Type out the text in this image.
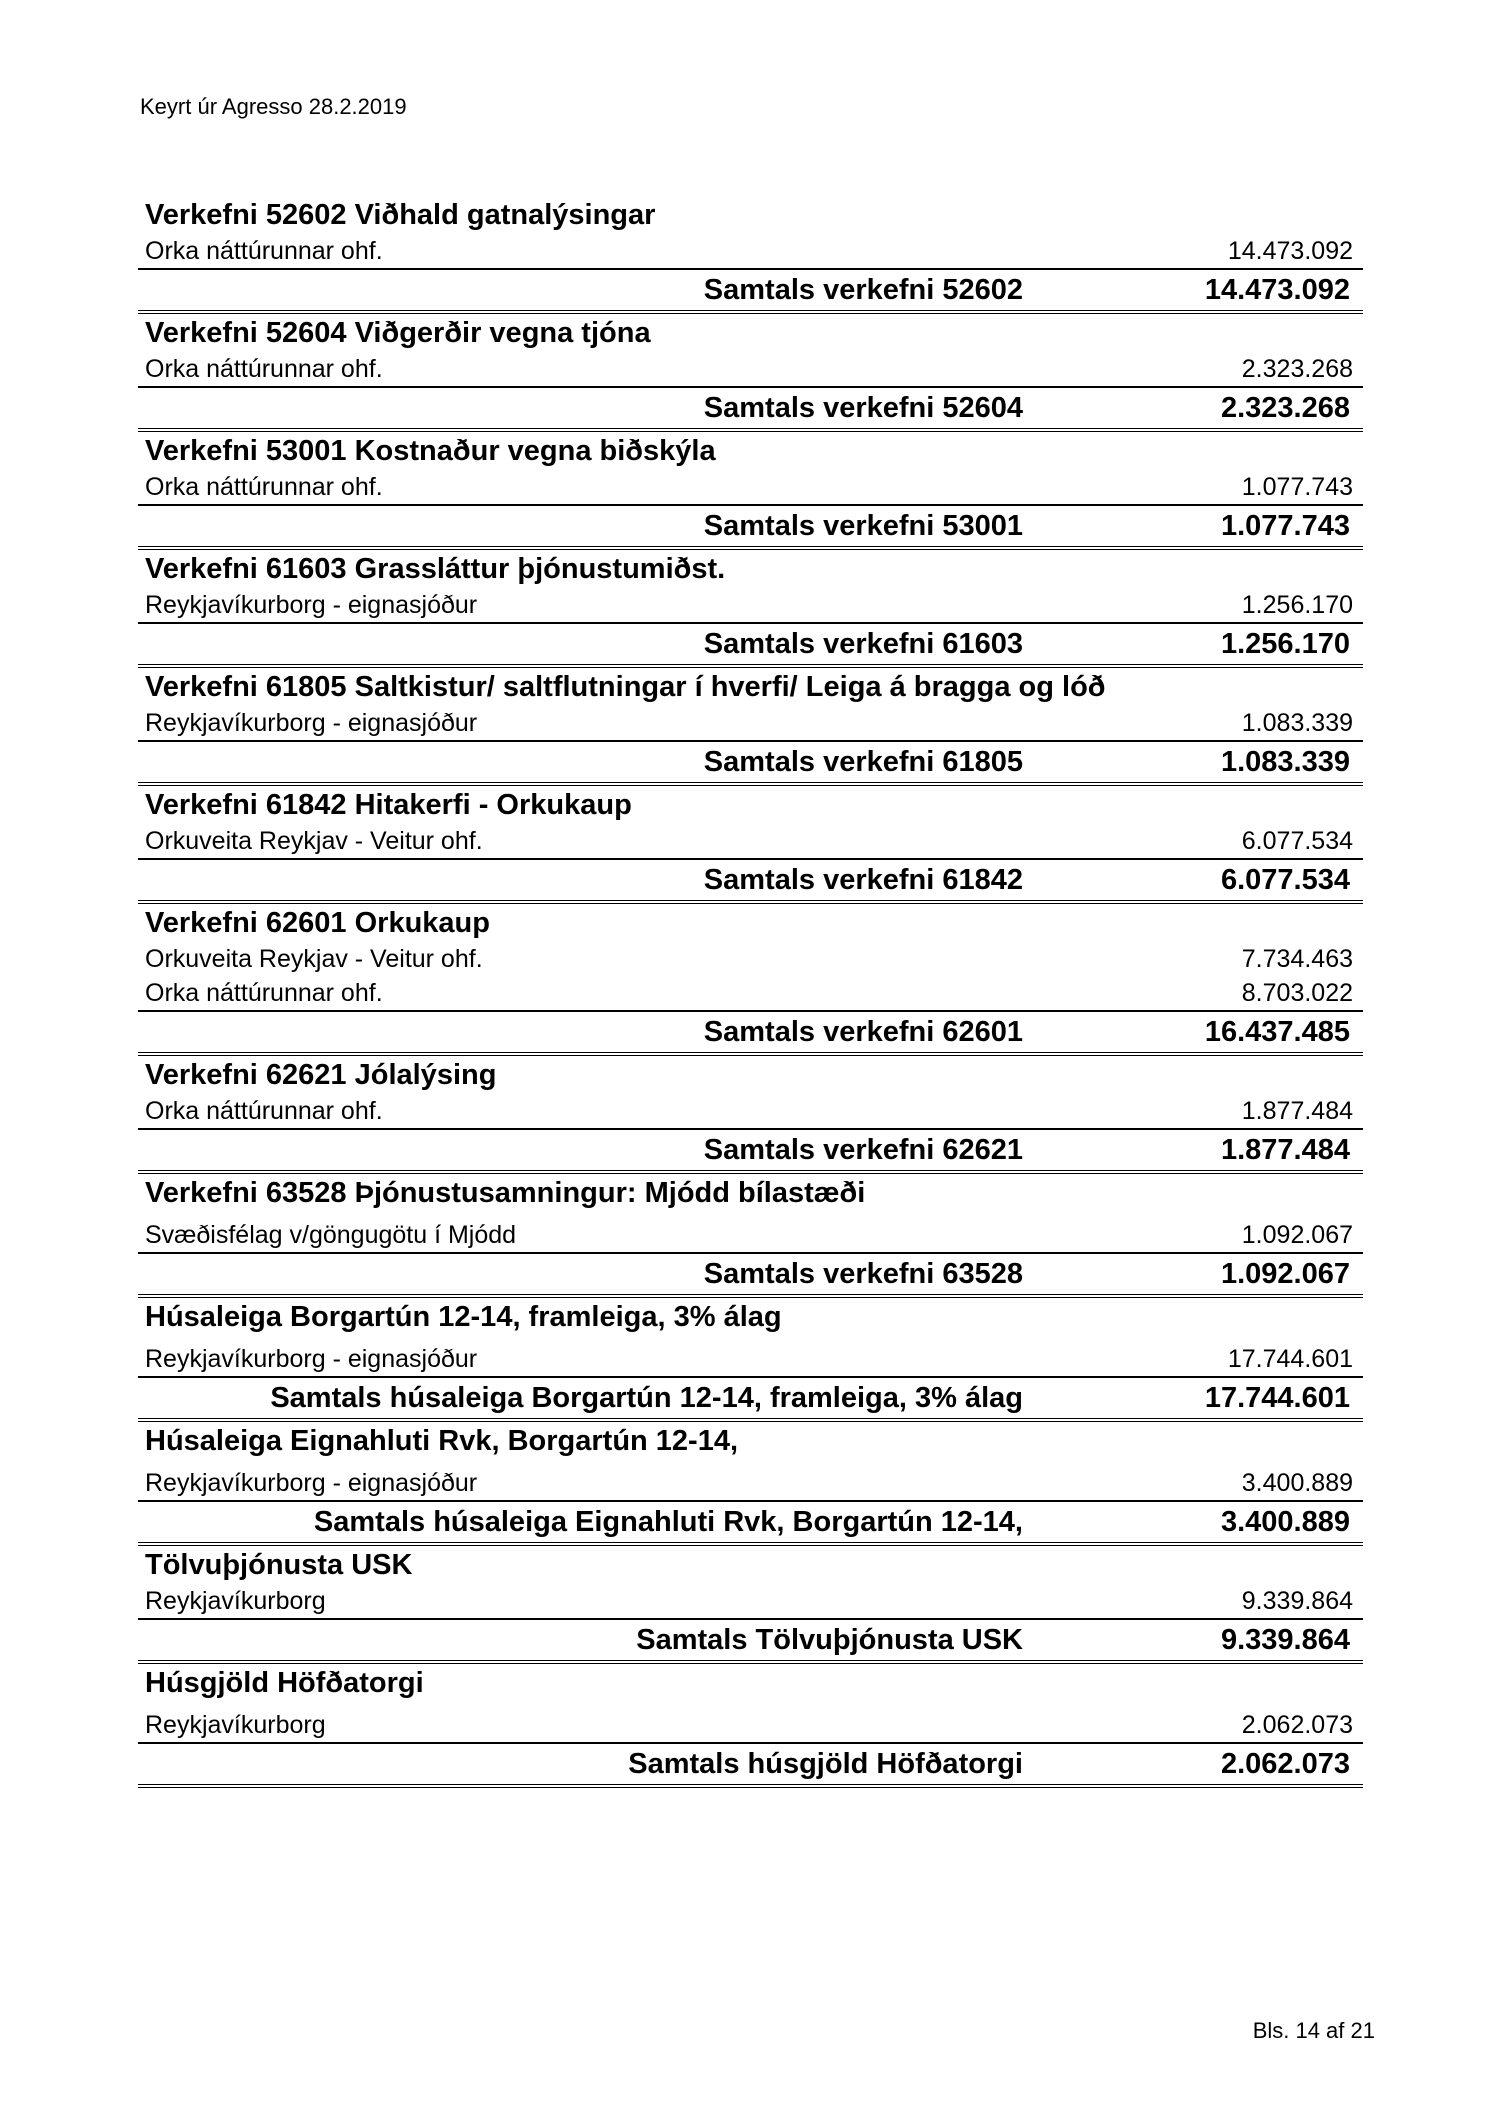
Keyrt úr Agresso 28.2.2019
Verkefni 52602 Viðhald gatnalýsingar
Orka náttúrunnar ohf.	14.473.092
Samtals verkefni 52602	14.473.092
Verkefni 52604 Viðgerðir vegna tjóna
Orka náttúrunnar ohf.	2.323.268
Samtals verkefni 52604	2.323.268
Verkefni 53001 Kostnaður vegna biðskýla
Orka náttúrunnar ohf.	1.077.743
Samtals verkefni 53001	1.077.743
Verkefni 61603 Grassláttur þjónustumiðst.
Reykjavíkurborg - eignasjóður	1.256.170
Samtals verkefni 61603	1.256.170
Verkefni 61805 Saltkistur/ saltflutningar í hverfi/ Leiga á bragga og lóð
Reykjavíkurborg - eignasjóður	1.083.339
Samtals verkefni 61805	1.083.339
Verkefni 61842 Hitakerfi - Orkukaup
Orkuveita Reykjav - Veitur ohf.	6.077.534
Samtals verkefni 61842	6.077.534
Verkefni 62601 Orkukaup
Orkuveita Reykjav - Veitur ohf.	7.734.463
Orka náttúrunnar ohf.	8.703.022
Samtals verkefni 62601	16.437.485
Verkefni 62621 Jólalýsing
Orka náttúrunnar ohf.	1.877.484
Samtals verkefni 62621	1.877.484
Verkefni 63528 Þjónustusamningur: Mjódd bílastæði
Svæðisfélag v/göngugötu í Mjódd	1.092.067
Samtals verkefni 63528	1.092.067
Húsaleiga Borgartún 12-14, framleiga, 3% álag
Reykjavíkurborg - eignasjóður	17.744.601
Samtals húsaleiga Borgartún 12-14, framleiga, 3% álag	17.744.601
Húsaleiga Eignahluti Rvk, Borgartún 12-14,
Reykjavíkurborg - eignasjóður	3.400.889
Samtals húsaleiga Eignahluti Rvk, Borgartún 12-14,	3.400.889
Tölvuþjónusta USK
Reykjavíkurborg	9.339.864
Samtals Tölvuþjónusta USK	9.339.864
Húsgjöld Höfðatorgi
Reykjavíkurborg	2.062.073
Samtals húsgjöld Höfðatorgi	2.062.073
Bls. 14 af 21
